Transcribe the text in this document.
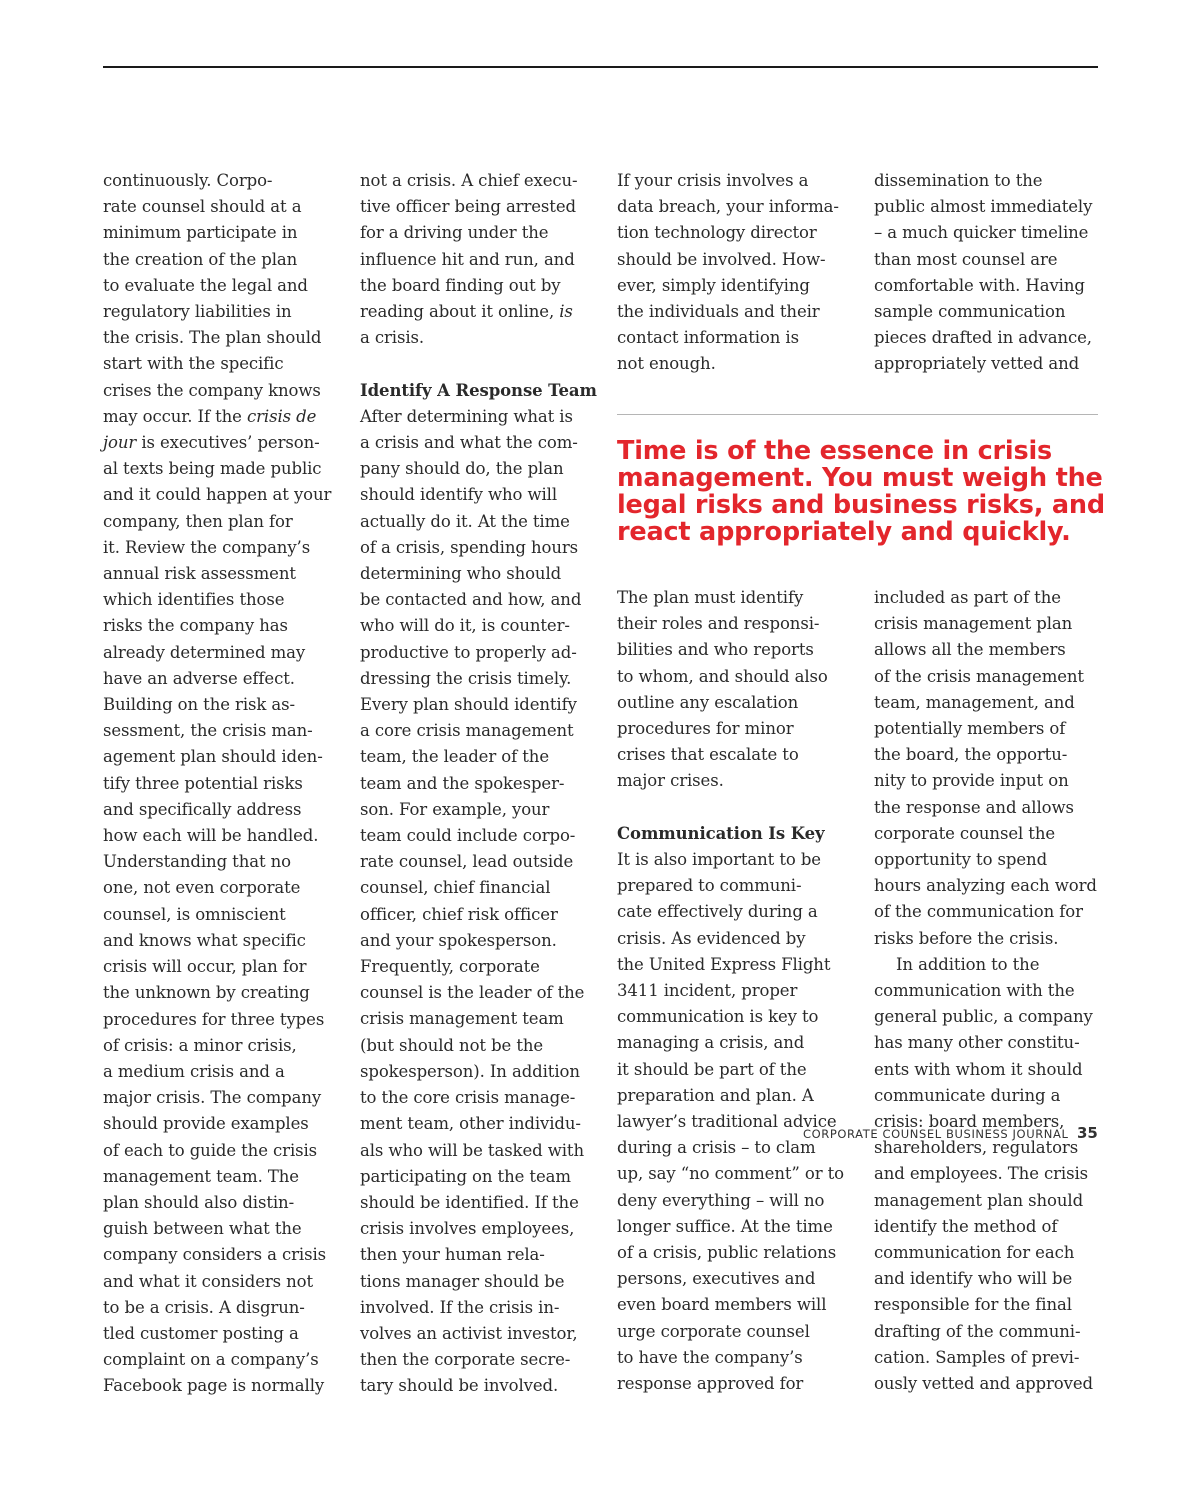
continuously. Corpo-
rate counsel should at a
minimum participate in
the creation of the plan
to evaluate the legal and
regulatory liabilities in
the crisis. The plan should
start with the specific
crises the company knows
may occur. If the crisis de
jour is executives’ person-
al texts being made public
and it could happen at your
company, then plan for
it. Review the company’s
annual risk assessment
which identifies those
risks the company has
already determined may
have an adverse effect.
Building on the risk as-
sessment, the crisis man-
agement plan should iden-
tify three potential risks
and specifically address
how each will be handled.
Understanding that no
one, not even corporate
counsel, is omniscient
and knows what specific
crisis will occur, plan for
the unknown by creating
procedures for three types
of crisis: a minor crisis,
a medium crisis and a
major crisis. The company
should provide examples
of each to guide the crisis
management team. The
plan should also distin-
guish between what the
company considers a crisis
and what it considers not
to be a crisis. A disgrun-
tled customer posting a
complaint on a company’s
Facebook page is normally
not a crisis. A chief execu-
tive officer being arrested
for a driving under the
influence hit and run, and
the board finding out by
reading about it online, is
a crisis.
Identify A Response Team
After determining what is
a crisis and what the com-
pany should do, the plan
should identify who will
actually do it. At the time
of a crisis, spending hours
determining who should
be contacted and how, and
who will do it, is counter-
productive to properly ad-
dressing the crisis timely.
Every plan should identify
a core crisis management
team, the leader of the
team and the spokesper-
son. For example, your
team could include corpo-
rate counsel, lead outside
counsel, chief financial
officer, chief risk officer
and your spokesperson.
Frequently, corporate
counsel is the leader of the
crisis management team
(but should not be the
spokesperson). In addition
to the core crisis manage-
ment team, other individu-
als who will be tasked with
participating on the team
should be identified. If the
crisis involves employees,
then your human rela-
tions manager should be
involved. If the crisis in-
volves an activist investor,
then the corporate secre-
tary should be involved.
If your crisis involves a
data breach, your informa-
tion technology director
should be involved. How-
ever, simply identifying
the individuals and their
contact information is
not enough.
dissemination to the
public almost immediately
– a much quicker timeline
than most counsel are
comfortable with. Having
sample communication
pieces drafted in advance,
appropriately vetted and
Time is of the essence in crisis
management. You must weigh the
legal risks and business risks, and
react appropriately and quickly.
The plan must identify
their roles and responsi-
bilities and who reports
to whom, and should also
outline any escalation
procedures for minor
crises that escalate to
major crises.
Communication Is Key
It is also important to be
prepared to communi-
cate effectively during a
crisis. As evidenced by
the United Express Flight
3411 incident, proper
communication is key to
managing a crisis, and
it should be part of the
preparation and plan. A
lawyer’s traditional advice
during a crisis – to clam
up, say “no comment” or to
deny everything – will no
longer suffice. At the time
of a crisis, public relations
persons, executives and
even board members will
urge corporate counsel
to have the company’s
response approved for
included as part of the
crisis management plan
allows all the members
of the crisis management
team, management, and
potentially members of
the board, the opportu-
nity to provide input on
the response and allows
corporate counsel the
opportunity to spend
hours analyzing each word
of the communication for
risks before the crisis.
In addition to the
communication with the
general public, a company
has many other constitu-
ents with whom it should
communicate during a
crisis: board members,
shareholders, regulators
and employees. The crisis
management plan should
identify the method of
communication for each
and identify who will be
responsible for the final
drafting of the communi-
cation. Samples of previ-
ously vetted and approved
CORPORATE COUNSEL BUSINESS JOURNAL 35
